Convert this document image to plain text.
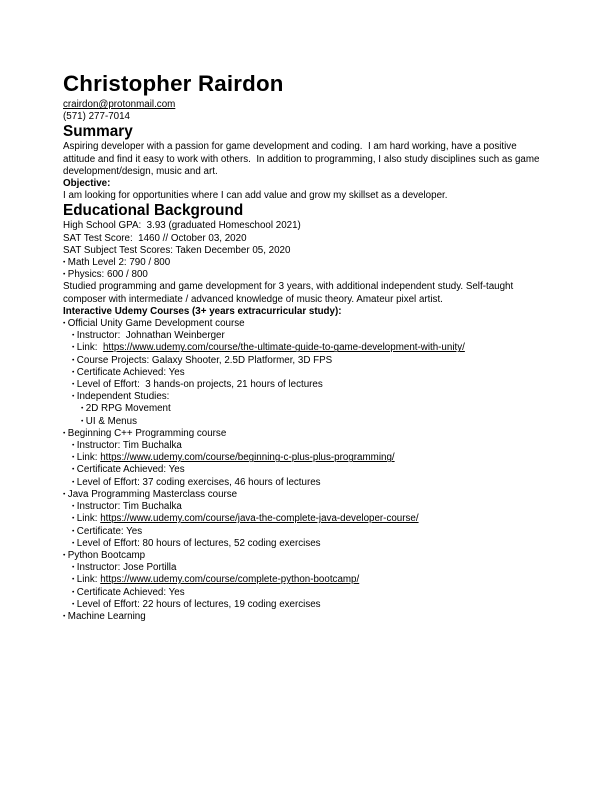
Christopher Rairdon
crairdon@protonmail.com
(571) 277-7014
Summary

Aspiring developer with a passion for game development and coding.  I am hard working, have a positive attitude and find it easy to work with others.  In addition to programming, I also study disciplines such as game development/design, music and art.

Objective:

I am looking for opportunities where I can add value and grow my skillset as a developer.

Educational Background
High School GPA:  3.93 (graduated Homeschool 2021)
SAT Test Score:  1460 // October 03, 2020
SAT Subject Test Scores: Taken December 05, 2020
• Math Level 2: 790 / 800
• Physics: 600 / 800

Studied programming and game development for 3 years, with additional independent study. Self-taught composer with intermediate / advanced knowledge of music theory. Amateur pixel artist.

Interactive Udemy Courses (3+ years extracurricular study):

• Official Unity Game Development course
• Instructor:  Johnathan Weinberger
• Link:  https://www.udemy.com/course/the-ultimate-guide-to-game-development-with-unity/
• Course Projects: Galaxy Shooter, 2.5D Platformer, 3D FPS
• Certificate Achieved: Yes
• Level of Effort:  3 hands-on projects, 21 hours of lectures
• Independent Studies:
• 2D RPG Movement
• UI & Menus
• Beginning C++ Programming course
• Instructor: Tim Buchalka
• Link: https://www.udemy.com/course/beginning-c-plus-plus-programming/
• Certificate Achieved: Yes
• Level of Effort: 37 coding exercises, 46 hours of lectures
• Java Programming Masterclass course
• Instructor: Tim Buchalka
• Link: https://www.udemy.com/course/java-the-complete-java-developer-course/
• Certificate: Yes
• Level of Effort: 80 hours of lectures, 52 coding exercises
• Python Bootcamp
• Instructor: Jose Portilla
• Link: https://www.udemy.com/course/complete-python-bootcamp/
• Certificate Achieved: Yes
• Level of Effort: 22 hours of lectures, 19 coding exercises
• Machine Learning
